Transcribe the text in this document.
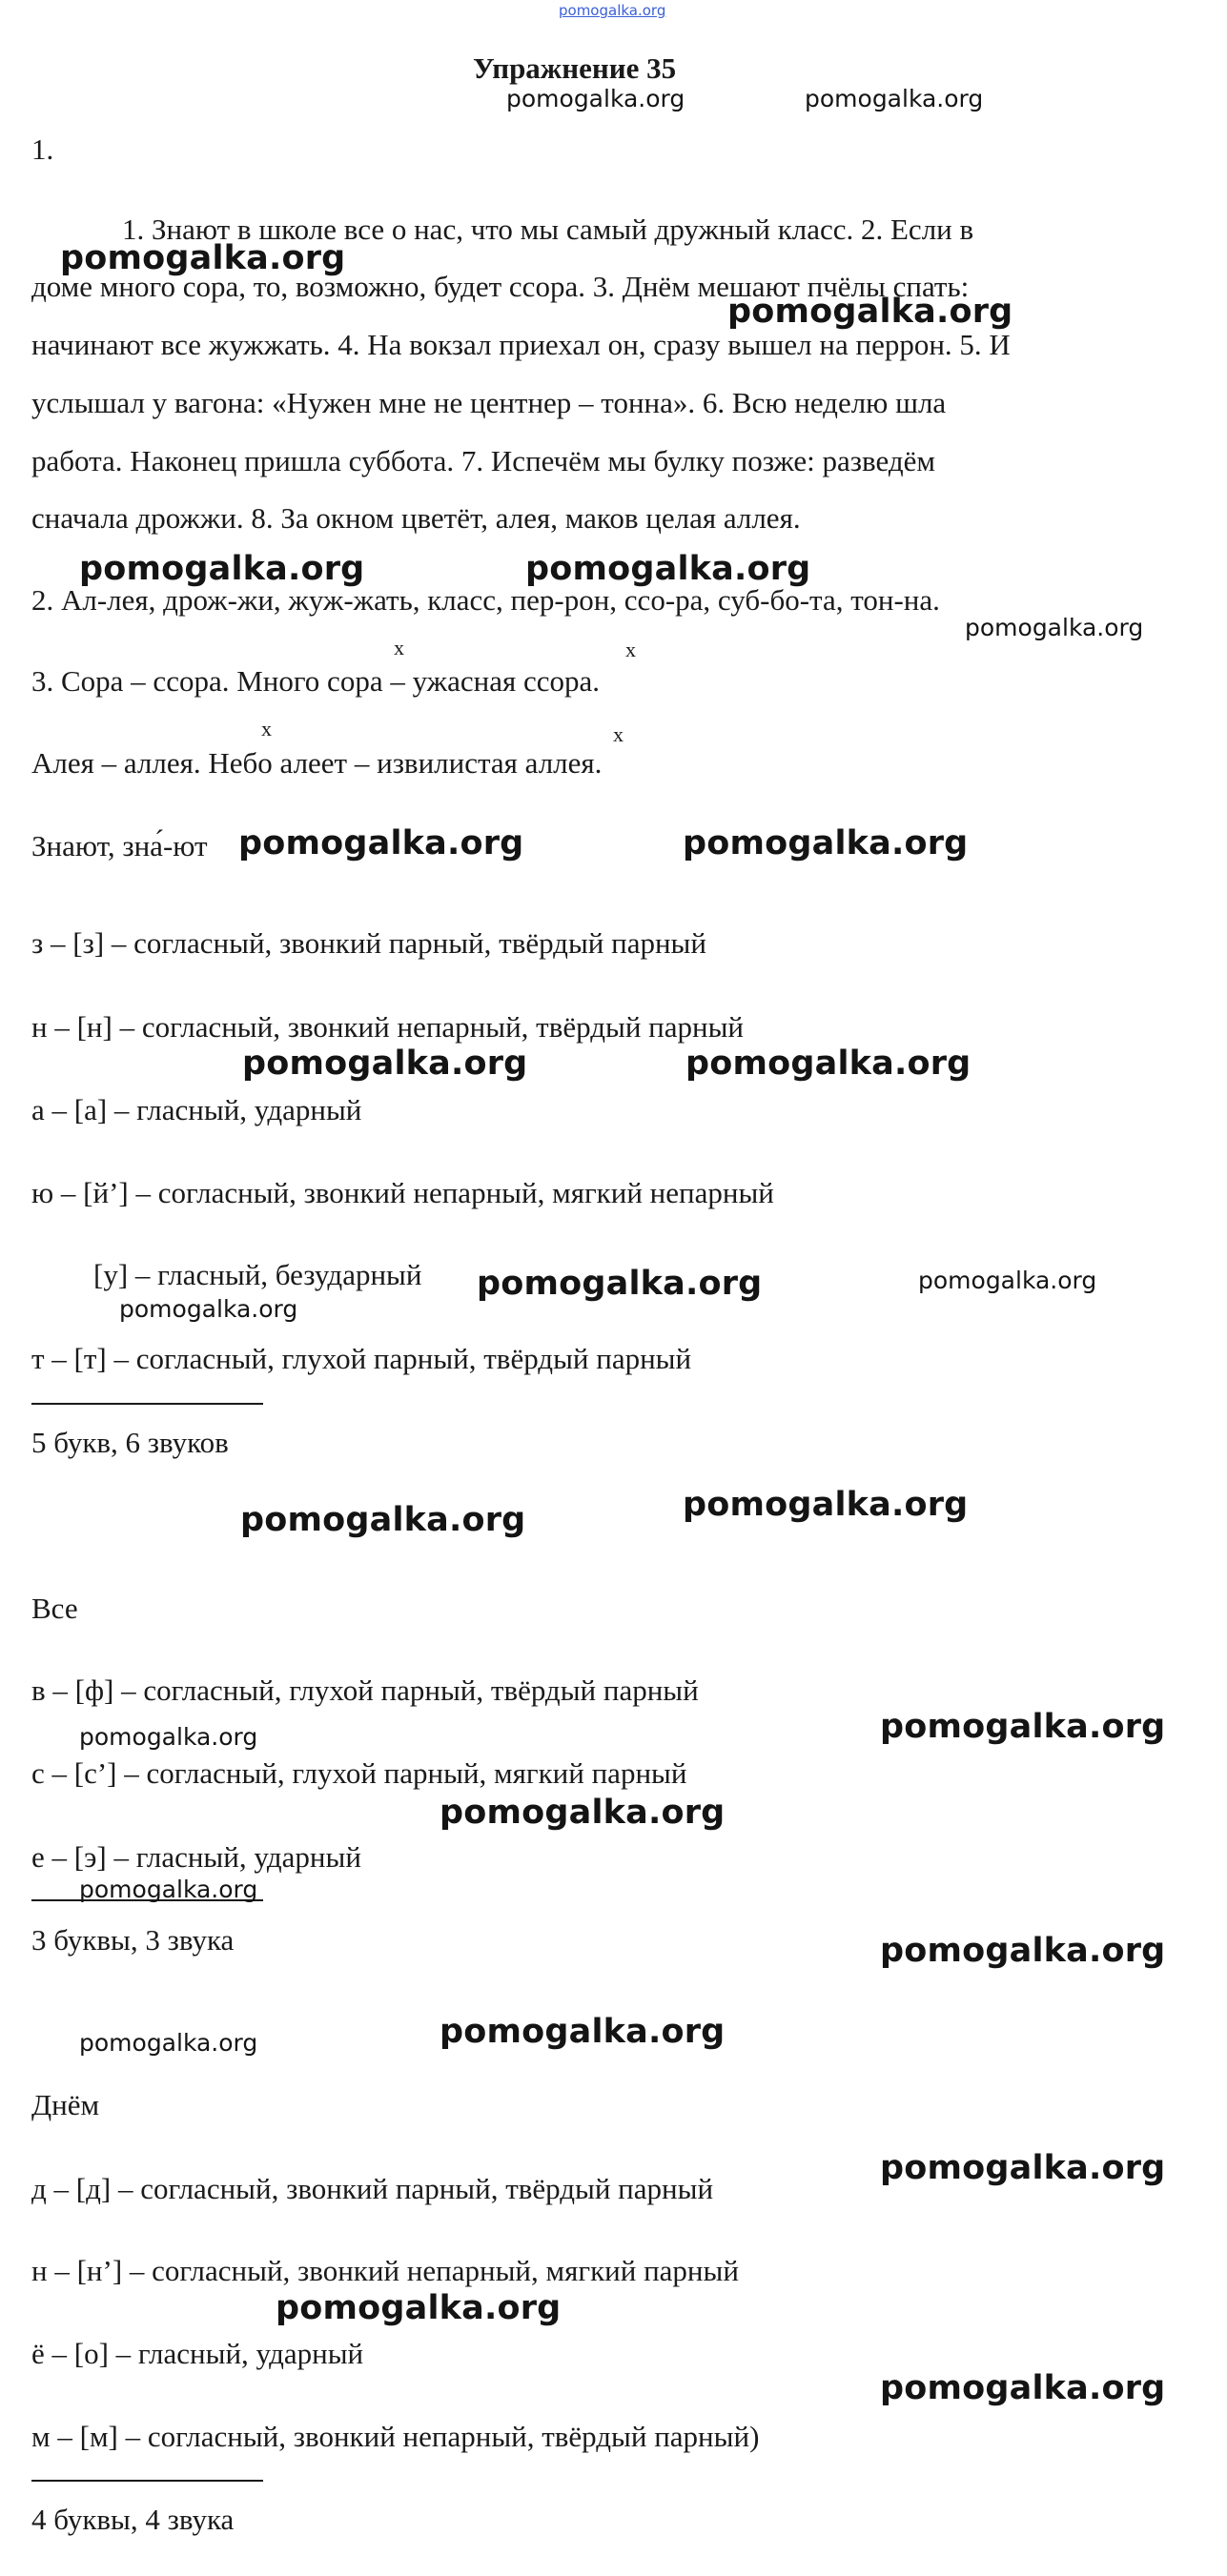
pomogalka.org
Упражнение 35
1.
1. Знают в школе все о нас, что мы самый дружный класс. 2. Если в
доме много сора, то, возможно, будет ссора. 3. Днём мешают пчёлы спать:
начинают все жужжать. 4. На вокзал приехал он, сразу вышел на перрон. 5. И
услышал у вагона: «Нужен мне не центнер – тонна». 6. Всю неделю шла
работа. Наконец пришла суббота. 7. Испечём мы булку позже: разведём
сначала дрожжи. 8. За окном цветёт, алея, маков целая аллея.
2. Ал-лея, дрож-жи, жуж-жать, класс, пер-рон, ссо-ра, суб-бо-та, тон-на.
x	x
3. Сора – ссора. Много сора – ужасная ссора.
x	x
Алея – аллея. Небо алеет – извилистая аллея.
Знают, зна́-ют
з – [з] – согласный, звонкий парный, твёрдый парный
н – [н] – согласный, звонкий непарный, твёрдый парный
а – [а] – гласный, ударный
ю – [й’] – согласный, звонкий непарный, мягкий непарный
[у] – гласный, безударный
т – [т] – согласный, глухой парный, твёрдый парный
5 букв, 6 звуков
Все
в – [ф] – согласный, глухой парный, твёрдый парный
с – [с’] – согласный, глухой парный, мягкий парный
е – [э] – гласный, ударный
3 буквы, 3 звука
Днём
д – [д] – согласный, звонкий парный, твёрдый парный
н – [н’] – согласный, звонкий непарный, мягкий парный
ё – [о] – гласный, ударный
м – [м] – согласный, звонкий непарный, твёрдый парный)
4 буквы, 4 звука
pomogalka.org	pomogalka.org
pomogalka.org
pomogalka.org
pomogalka.org	pomogalka.org
pomogalka.org
pomogalka.org	pomogalka.org
pomogalka.org	pomogalka.org
pomogalka.org	pomogalka.org
pomogalka.org
pomogalka.org
pomogalka.org
pomogalka.org
pomogalka.org
pomogalka.org
pomogalka.org
pomogalka.org
pomogalka.org
pomogalka.org
pomogalka.org
pomogalka.org
pomogalka.org
